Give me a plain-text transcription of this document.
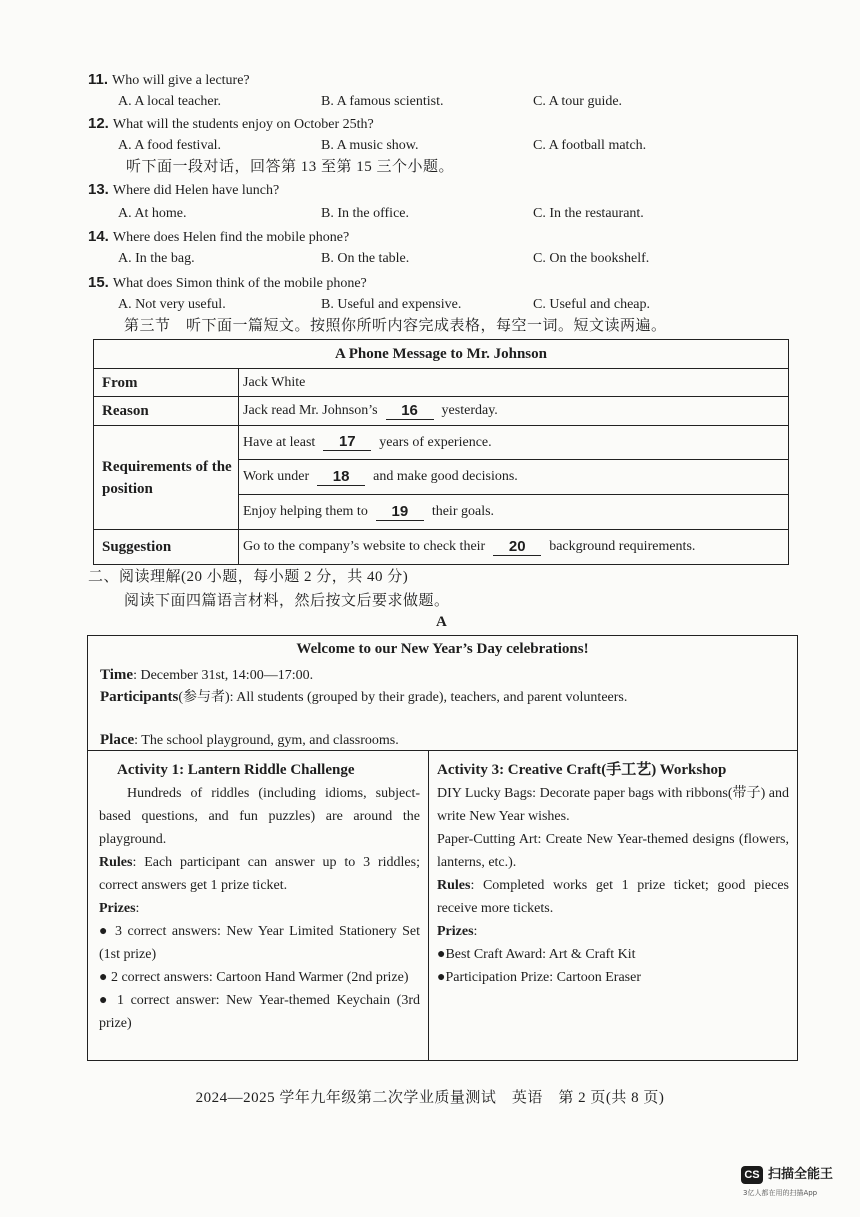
11. Who will give a lecture?
A. A local teacher.	B. A famous scientist.	C. A tour guide.
12. What will the students enjoy on October 25th?
A. A food festival.	B. A music show.	C. A football match.
听下面一段对话，回答第 13 至第 15 三个小题。
13. Where did Helen have lunch?
A. At home.	B. In the office.	C. In the restaurant.
14. Where does Helen find the mobile phone?
A. In the bag.	B. On the table.	C. On the bookshelf.
15. What does Simon think of the mobile phone?
A. Not very useful.	B. Useful and expensive.	C. Useful and cheap.
第三节　听下面一篇短文。按照你所听内容完成表格，每空一词。短文读两遍。
A Phone Message to Mr. Johnson
From	Jack White
Reason	Jack read Mr. Johnson’s	16	yesterday.
Requirements of the position
Have at least	17	years of experience.
Work under	18	and make good decisions.
Enjoy helping them to	19	their goals.
Suggestion	Go to the company’s website to check their	20	background requirements.
二、阅读理解(20 小题，每小题 2 分，共 40 分)
阅读下面四篇语言材料，然后按文后要求做题。
A
Welcome to our New Year’s Day celebrations!
Time: December 31st, 14:00—17:00.
Participants(参与者): All students (grouped by their grade), teachers, and parent volunteers.
Place: The school playground, gym, and classrooms.
Activity 1: Lantern Riddle Challenge

Hundreds of riddles (including idioms, subject-based questions, and fun puzzles) are around the playground.

Rules: Each participant can answer up to 3 riddles; correct answers get 1 prize ticket.

Prizes:

● 3 correct answers: New Year Limited Stationery Set (1st prize)

● 2 correct answers: Cartoon Hand Warmer (2nd prize)

● 1 correct answer: New Year-themed Keychain (3rd prize)

Activity 3: Creative Craft(手工艺) Workshop

DIY Lucky Bags: Decorate paper bags with ribbons(带子) and write New Year wishes.

Paper-Cutting Art: Create New Year-themed designs (flowers, lanterns, etc.).

Rules: Completed works get 1 prize ticket; good pieces receive more tickets.

Prizes:

●Best Craft Award: Art & Craft Kit

●Participation Prize: Cartoon Eraser

2024—2025 学年九年级第二次学业质量测试　英语　第 2 页(共 8 页)
CS 扫描全能王
3亿人都在用的扫描App
